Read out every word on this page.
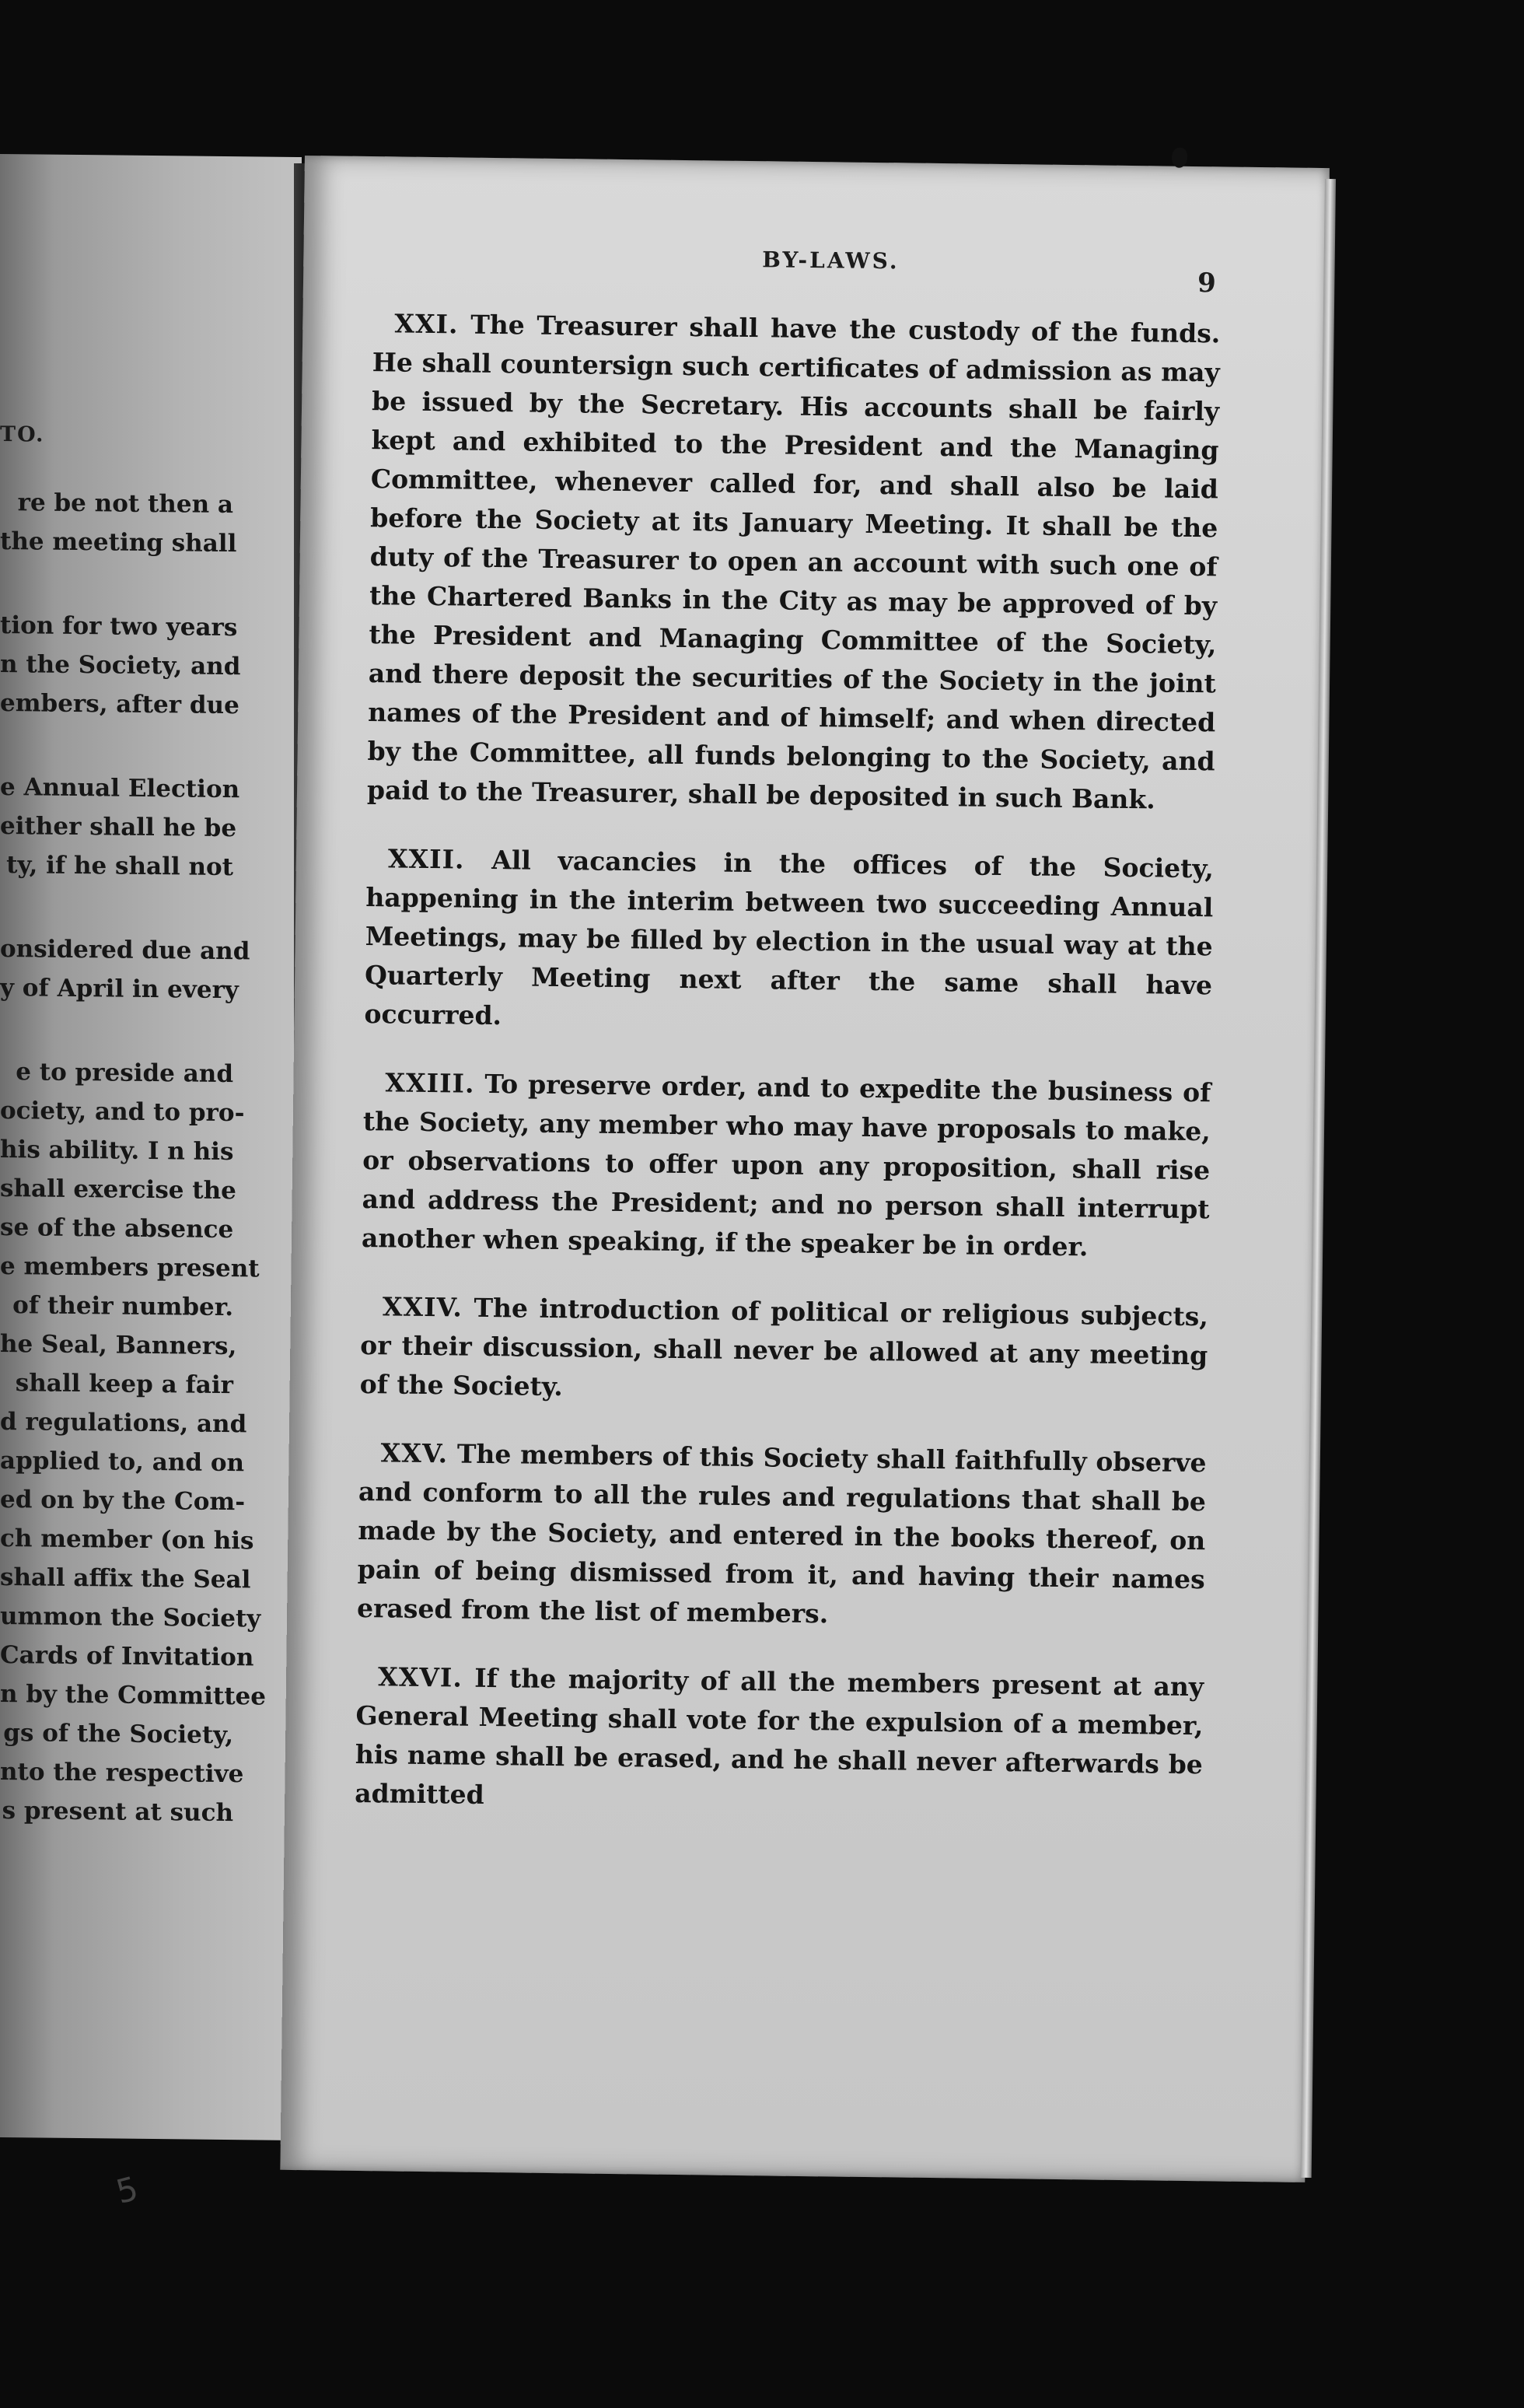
TO.
re be not then a
the meeting shall
tion for two years
n the Society, and
embers, after due
e Annual Election
either shall he be
ty, if he shall not
onsidered due and
y of April in every
e to preside and
ociety, and to pro-
his ability. I n his
shall exercise the
se of the absence
e members present
of their number.
he Seal, Banners,
shall keep a fair
d regulations, and
applied to, and on
ed on by the Com-
ch member (on his
shall affix the Seal
ummon the Society
Cards of Invitation
n by the Committee
gs of the Society,
nto the respective
s present at such
5
BY-LAWS.
9

XXI. The Treasurer shall have the custody of the funds. He shall countersign such certificates of admission as may be issued by the Secretary. His accounts shall be fairly kept and exhibited to the President and the Managing Committee, whenever called for, and shall also be laid before the Society at its January Meeting. It shall be the duty of the Treasurer to open an account with such one of the Chartered Banks in the City as may be approved of by the President and Managing Committee of the Society, and there deposit the securities of the Society in the joint names of the President and of himself; and when directed by the Committee, all funds belonging to the Society, and paid to the Treasurer, shall be deposited in such Bank.

XXII. All vacancies in the offices of the Society, happening in the interim between two succeeding Annual Meetings, may be filled by election in the usual way at the Quarterly Meeting next after the same shall have occurred.

XXIII. To preserve order, and to expedite the business of the Society, any member who may have proposals to make, or observations to offer upon any proposition, shall rise and address the President; and no person shall interrupt another when speaking, if the speaker be in order.

XXIV. The introduction of political or religious subjects, or their discussion, shall never be allowed at any meeting of the Society.

XXV. The members of this Society shall faithfully observe and conform to all the rules and regulations that shall be made by the Society, and entered in the books thereof, on pain of being dismissed from it, and having their names erased from the list of members.

XXVI. If the majority of all the members present at any General Meeting shall vote for the expulsion of a member, his name shall be erased, and he shall never afterwards be admitted
